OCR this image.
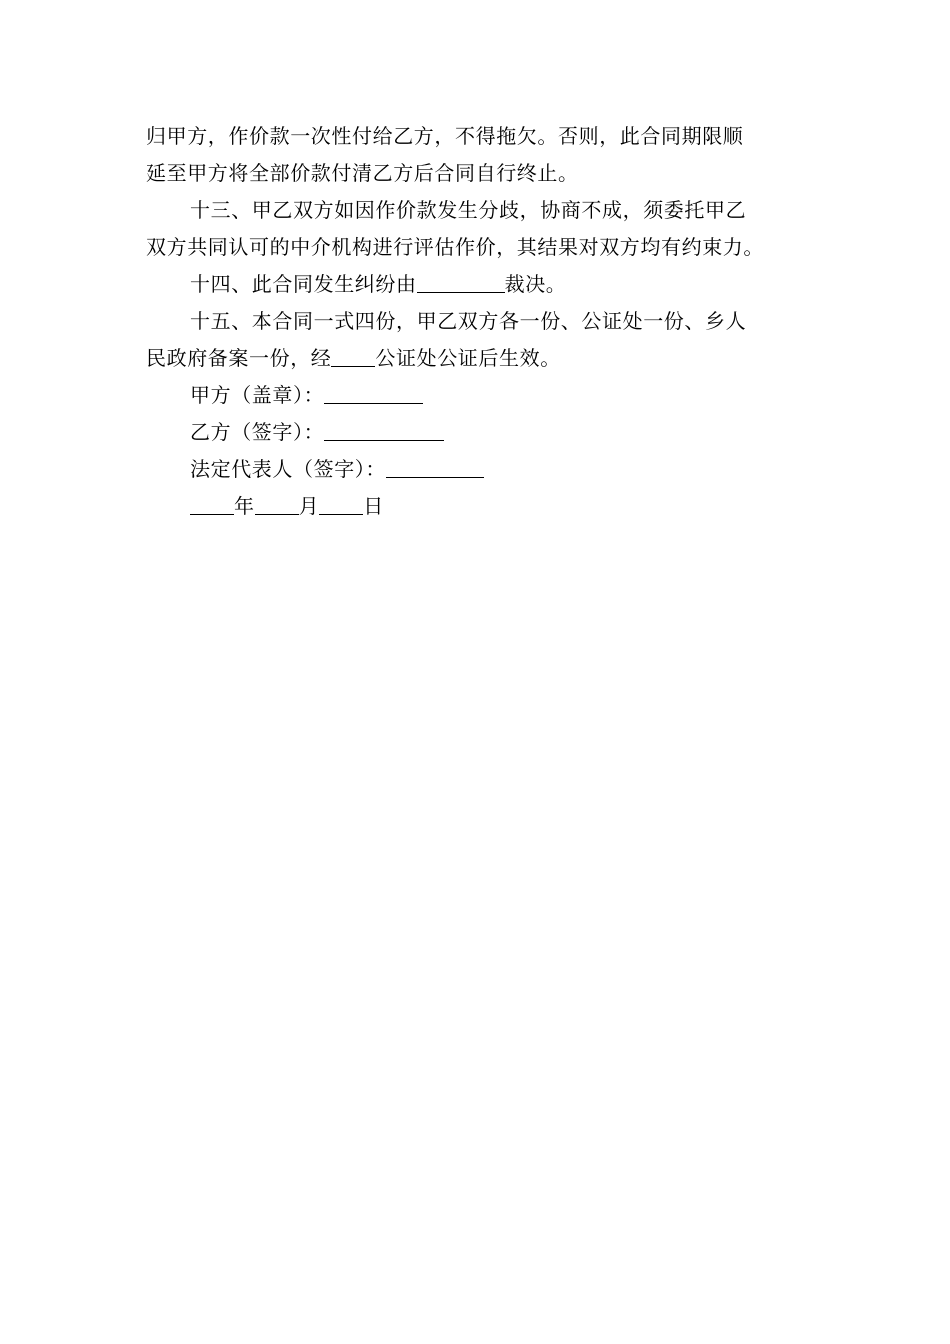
归甲方，作价款一次性付给乙方，不得拖欠。否则，此合同期限顺
延至甲方将全部价款付清乙方后合同自行终止。
十三、甲乙双方如因作价款发生分歧，协商不成，须委托甲乙
双方共同认可的中介机构进行评估作价，其结果对双方均有约束力。
十四、此合同发生纠纷由	裁决。
十五、本合同一式四份，甲乙双方各一份、公证处一份、乡人
民政府备案一份，经 公证处公证后生效。
甲方（盖章）：
乙方（签字）：
法定代表人（签字）：
年 月 日
